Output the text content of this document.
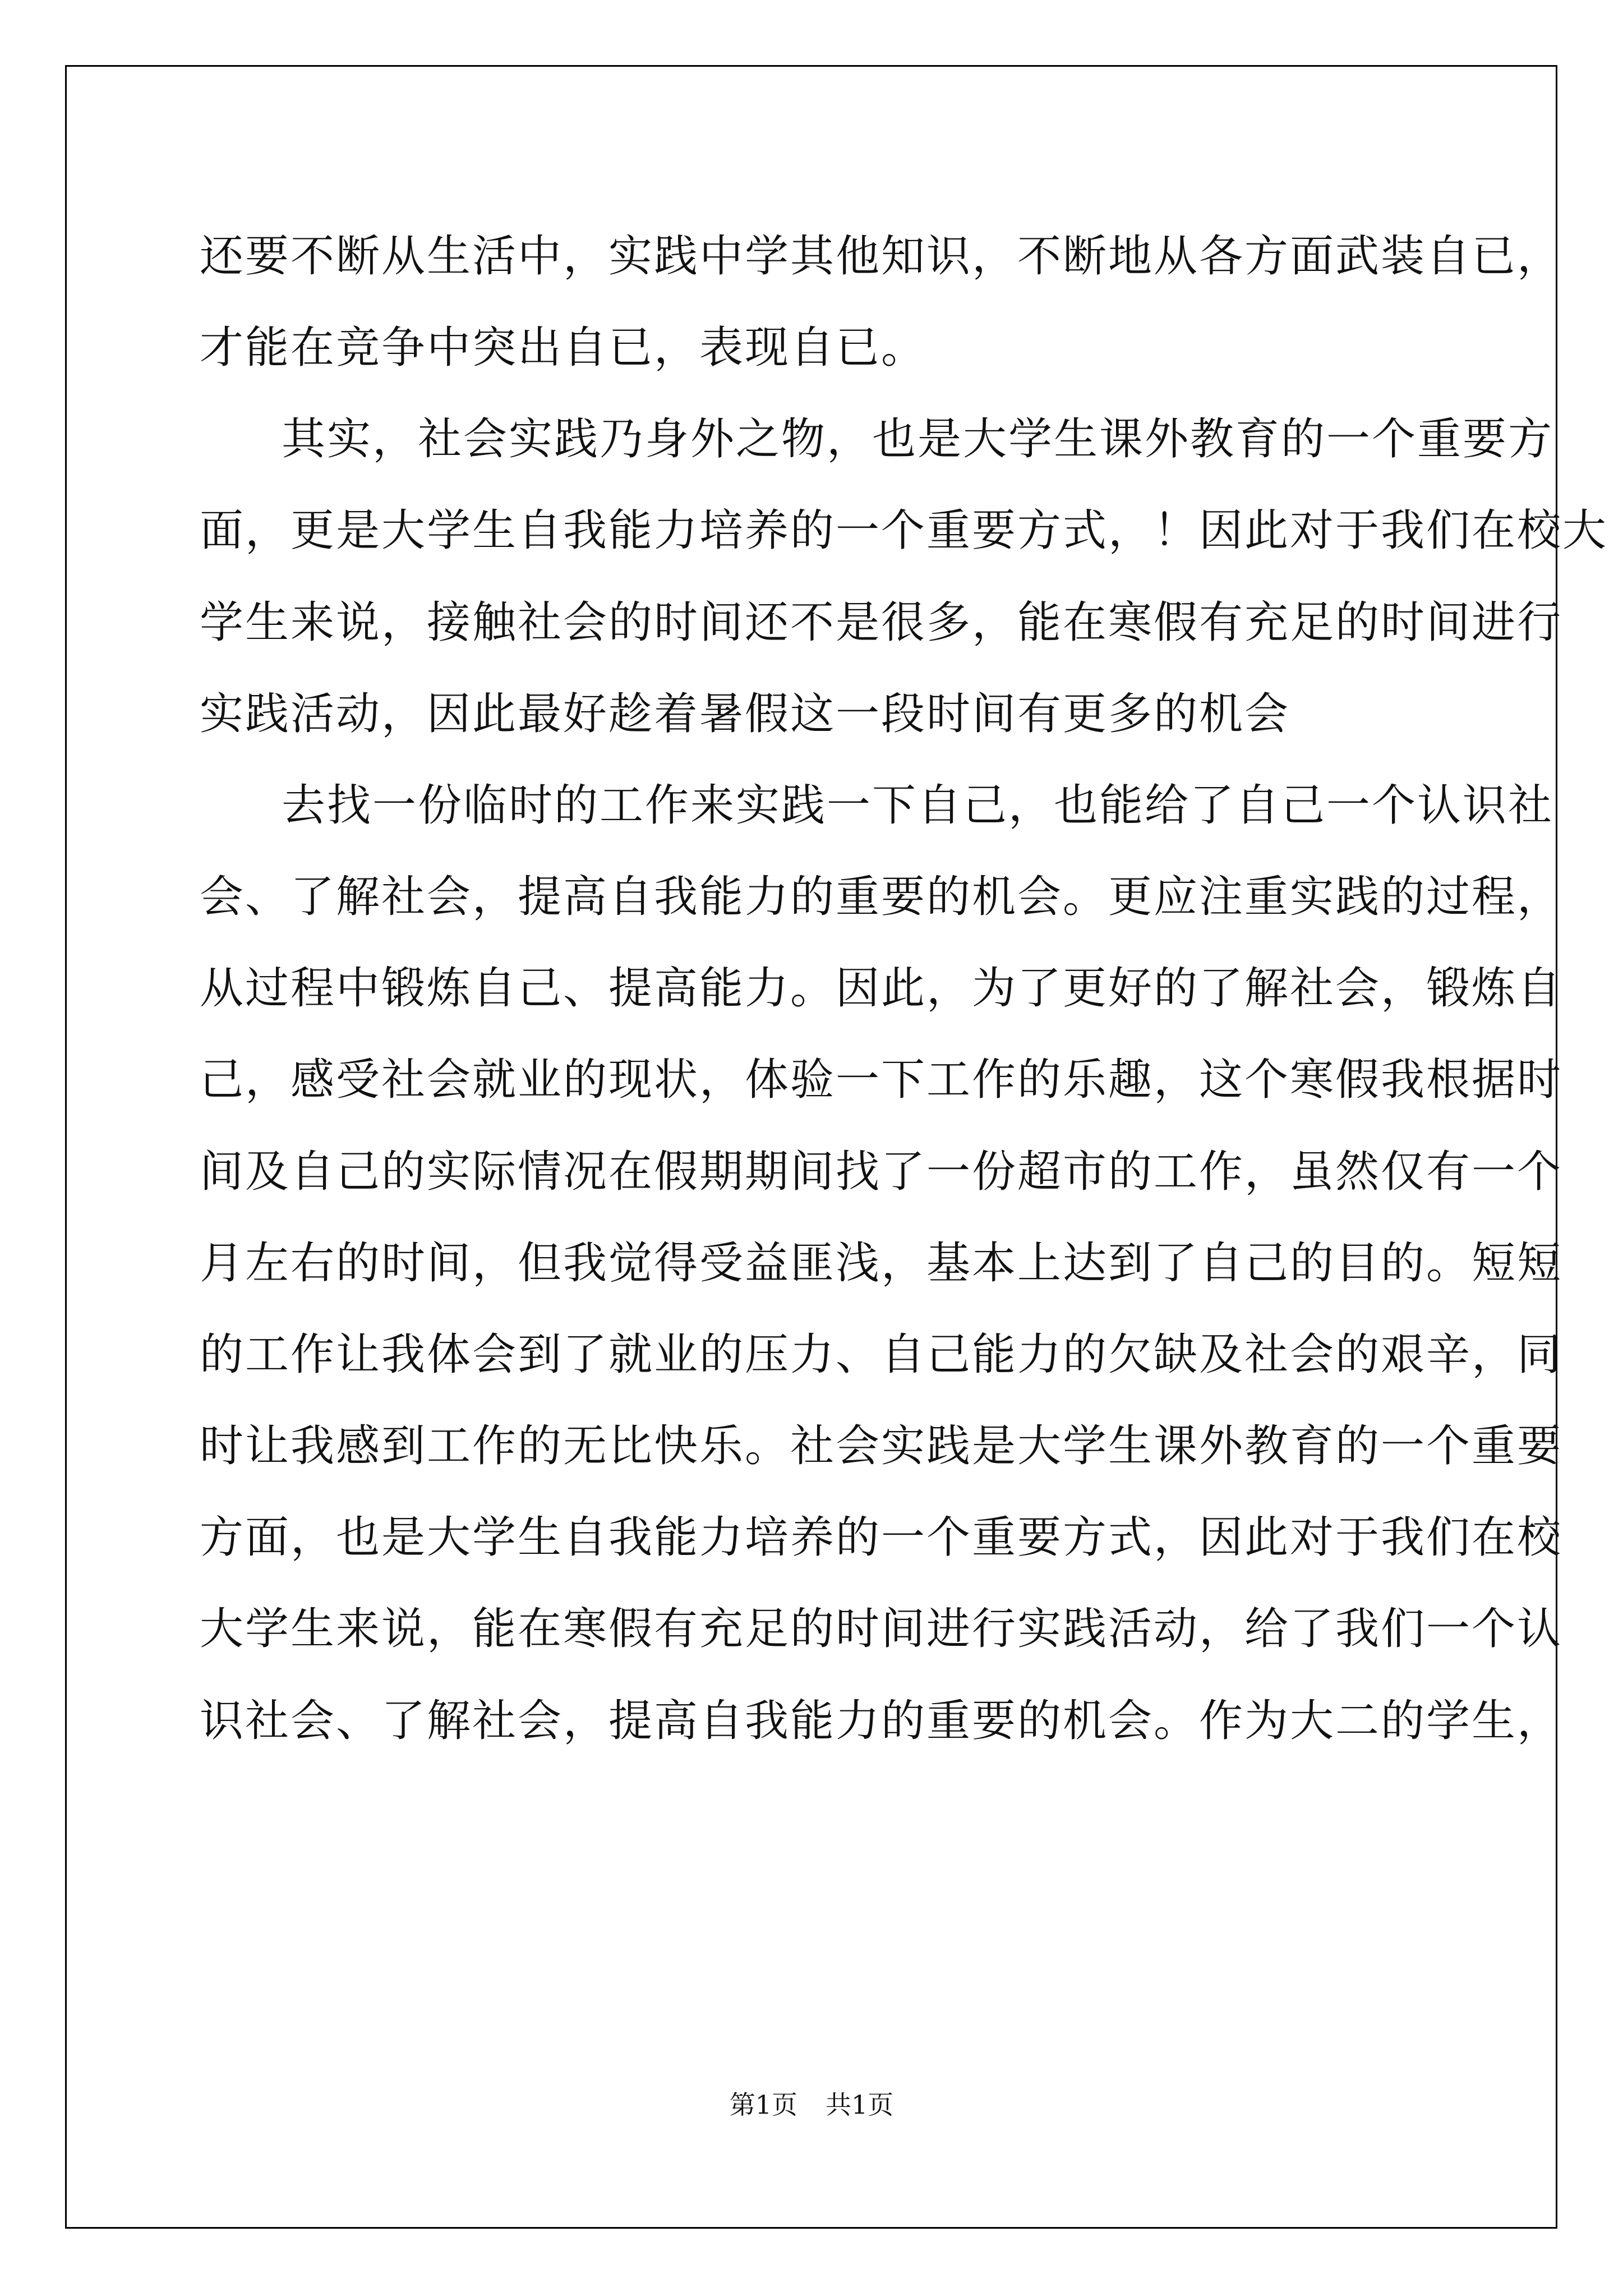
还要不断从生活中，实践中学其他知识，不断地从各方面武装自已，
才能在竞争中突出自已，表现自已。
其实，社会实践乃身外之物，也是大学生课外教育的一个重要方
面，更是大学生自我能力培养的一个重要方式，！因此对于我们在校大
学生来说，接触社会的时间还不是很多，能在寒假有充足的时间进行
实践活动，因此最好趁着暑假这一段时间有更多的机会
去找一份临时的工作来实践一下自己，也能给了自己一个认识社
会、了解社会，提高自我能力的重要的机会。更应注重实践的过程，
从过程中锻炼自己、提高能力。因此，为了更好的了解社会，锻炼自
己，感受社会就业的现状，体验一下工作的乐趣，这个寒假我根据时
间及自己的实际情况在假期期间找了一份超市的工作，虽然仅有一个
月左右的时间，但我觉得受益匪浅，基本上达到了自己的目的。短短
的工作让我体会到了就业的压力、自己能力的欠缺及社会的艰辛，同
时让我感到工作的无比快乐。社会实践是大学生课外教育的一个重要
方面，也是大学生自我能力培养的一个重要方式，因此对于我们在校
大学生来说，能在寒假有充足的时间进行实践活动，给了我们一个认
识社会、了解社会，提高自我能力的重要的机会。作为大二的学生，
第1页 共1页
